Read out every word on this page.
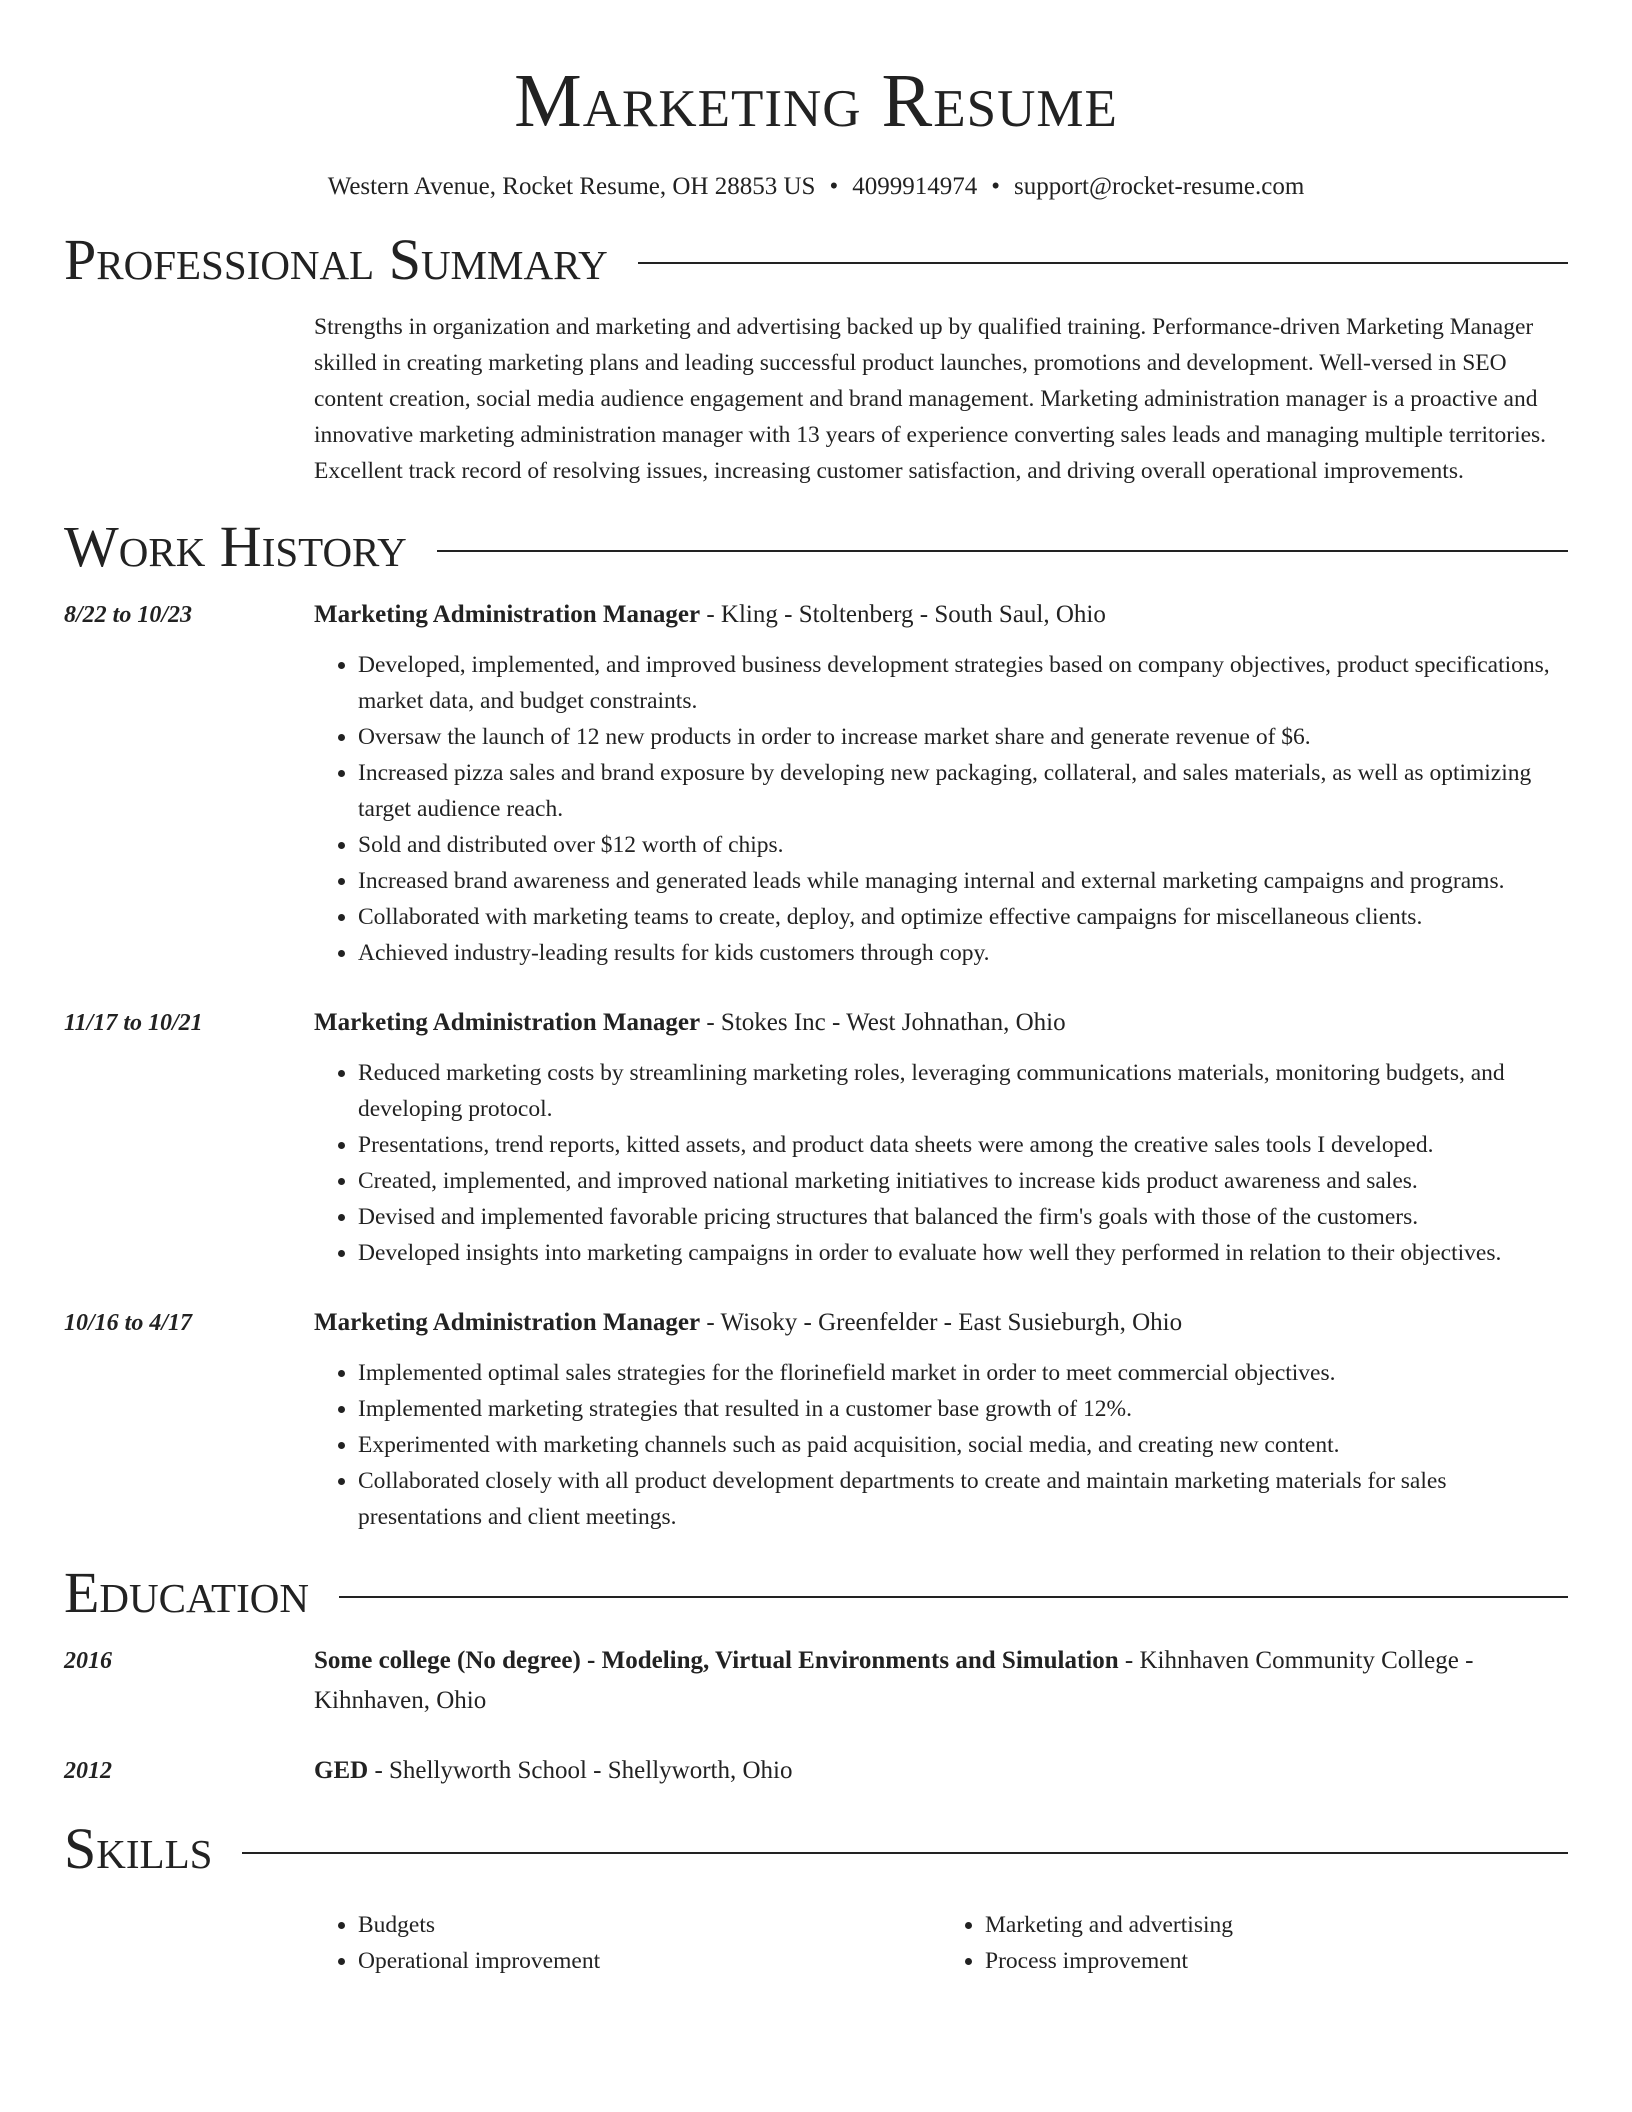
Marketing Resume
Western Avenue, Rocket Resume, OH 28853 US • 4099914974 • support@rocket-resume.com
Professional Summary
Strengths in organization and marketing and advertising backed up by qualified training. Performance-driven Marketing Manager skilled in creating marketing plans and leading successful product launches, promotions and development. Well-versed in SEO content creation, social media audience engagement and brand management. Marketing administration manager is a proactive and innovative marketing administration manager with 13 years of experience converting sales leads and managing multiple territories. Excellent track record of resolving issues, increasing customer satisfaction, and driving overall operational improvements.
Work History
8/22 to 10/23	Marketing Administration Manager - Kling - Stoltenberg - South Saul, Ohio
• Developed, implemented, and improved business development strategies based on company objectives, product specifications, market data, and budget constraints.
• Oversaw the launch of 12 new products in order to increase market share and generate revenue of $6.
• Increased pizza sales and brand exposure by developing new packaging, collateral, and sales materials, as well as optimizing target audience reach.
• Sold and distributed over $12 worth of chips.
• Increased brand awareness and generated leads while managing internal and external marketing campaigns and programs.
• Collaborated with marketing teams to create, deploy, and optimize effective campaigns for miscellaneous clients.
• Achieved industry-leading results for kids customers through copy.
11/17 to 10/21	Marketing Administration Manager - Stokes Inc - West Johnathan, Ohio
• Reduced marketing costs by streamlining marketing roles, leveraging communications materials, monitoring budgets, and developing protocol.
• Presentations, trend reports, kitted assets, and product data sheets were among the creative sales tools I developed.
• Created, implemented, and improved national marketing initiatives to increase kids product awareness and sales.
• Devised and implemented favorable pricing structures that balanced the firm's goals with those of the customers.
• Developed insights into marketing campaigns in order to evaluate how well they performed in relation to their objectives.
10/16 to 4/17	Marketing Administration Manager - Wisoky - Greenfelder - East Susieburgh, Ohio
• Implemented optimal sales strategies for the florinefield market in order to meet commercial objectives.
• Implemented marketing strategies that resulted in a customer base growth of 12%.
• Experimented with marketing channels such as paid acquisition, social media, and creating new content.
• Collaborated closely with all product development departments to create and maintain marketing materials for sales presentations and client meetings.
Education
2016	Some college (No degree) - Modeling, Virtual Environments and Simulation - Kihnhaven Community College - Kihnhaven, Ohio
2012	GED - Shellyworth School - Shellyworth, Ohio
Skills
• Budgets
• Operational improvement
• Marketing and advertising
• Process improvement
